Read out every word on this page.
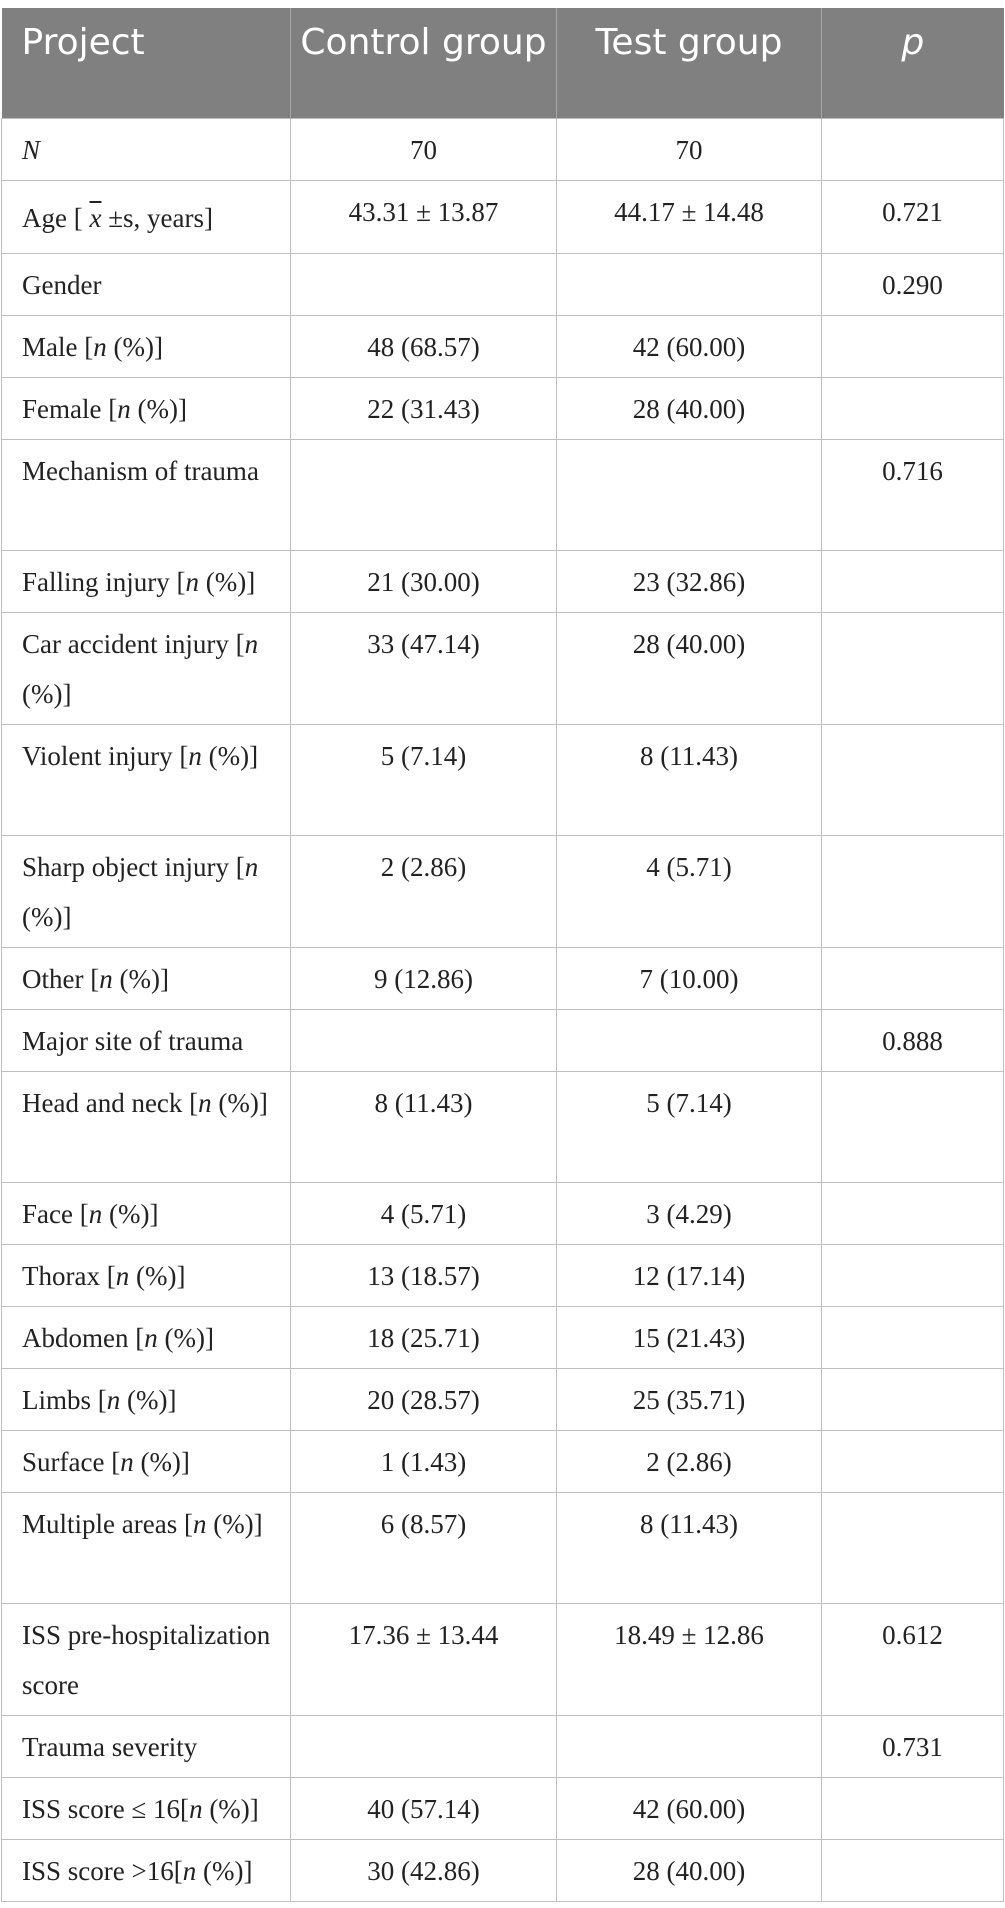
Project	Control group	Test group	p
N	70	70	
Age [ $\overline{x} \pm s$, years]	43.31 ± 13.87	44.17 ± 14.48	0.721
Gender			0.290
Male [n (%)]	48 (68.57)	42 (60.00)	
Female [n (%)]	22 (31.43)	28 (40.00)	
Mechanism of trauma			0.716
Falling injury [n (%)]	21 (30.00)	23 (32.86)	
Car accident injury [n (%)]	33 (47.14)	28 (40.00)	
Violent injury [n (%)]	5 (7.14)	8 (11.43)	
Sharp object injury [n (%)]	2 (2.86)	4 (5.71)	
Other [n (%)]	9 (12.86)	7 (10.00)	
Major site of trauma			0.888
Head and neck [n (%)]	8 (11.43)	5 (7.14)	
Face [n (%)]	4 (5.71)	3 (4.29)	
Thorax [n (%)]	13 (18.57)	12 (17.14)	
Abdomen [n (%)]	18 (25.71)	15 (21.43)	
Limbs [n (%)]	20 (28.57)	25 (35.71)	
Surface [n (%)]	1 (1.43)	2 (2.86)	
Multiple areas [n (%)]	6 (8.57)	8 (11.43)	
ISS pre-hospitalization score	17.36 ± 13.44	18.49 ± 12.86	0.612
Trauma severity			0.731
ISS score ≤ 16[n (%)]	40 (57.14)	42 (60.00)	
ISS score >16[n (%)]	30 (42.86)	28 (40.00)	
